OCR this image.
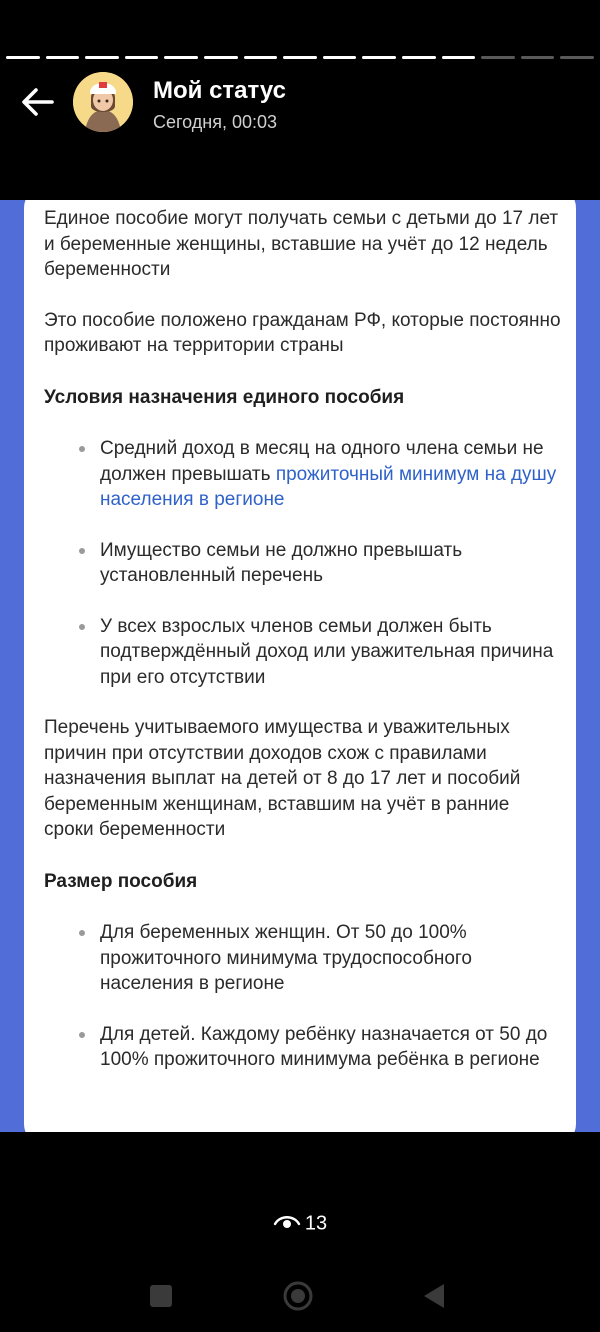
Мой статус
Сегодня, 00:03

Единое пособие могут получать семьи с детьми до 17 лет и беременные женщины, вставшие на учёт до 12 недель беременности

Это пособие положено гражданам РФ, которые постоянно проживают на территории страны

Условия назначения единого пособия

Средний доход в месяц на одного члена семьи не должен превышать прожиточный минимум на душу населения в регионе
Имущество семьи не должно превышать установленный перечень
У всех взрослых членов семьи должен быть подтверждённый доход или уважительная причина при его отсутствии

Перечень учитываемого имущества и уважительных причин при отсутствии доходов схож с правилами назначения выплат на детей от 8 до 17 лет и пособий беременным женщинам, вставшим на учёт в ранние сроки беременности

Размер пособия

Для беременных женщин. От 50 до 100% прожиточного минимума трудоспособного населения в регионе
Для детей. Каждому ребёнку назначается от 50 до 100% прожиточного минимума ребёнка в регионе
13
